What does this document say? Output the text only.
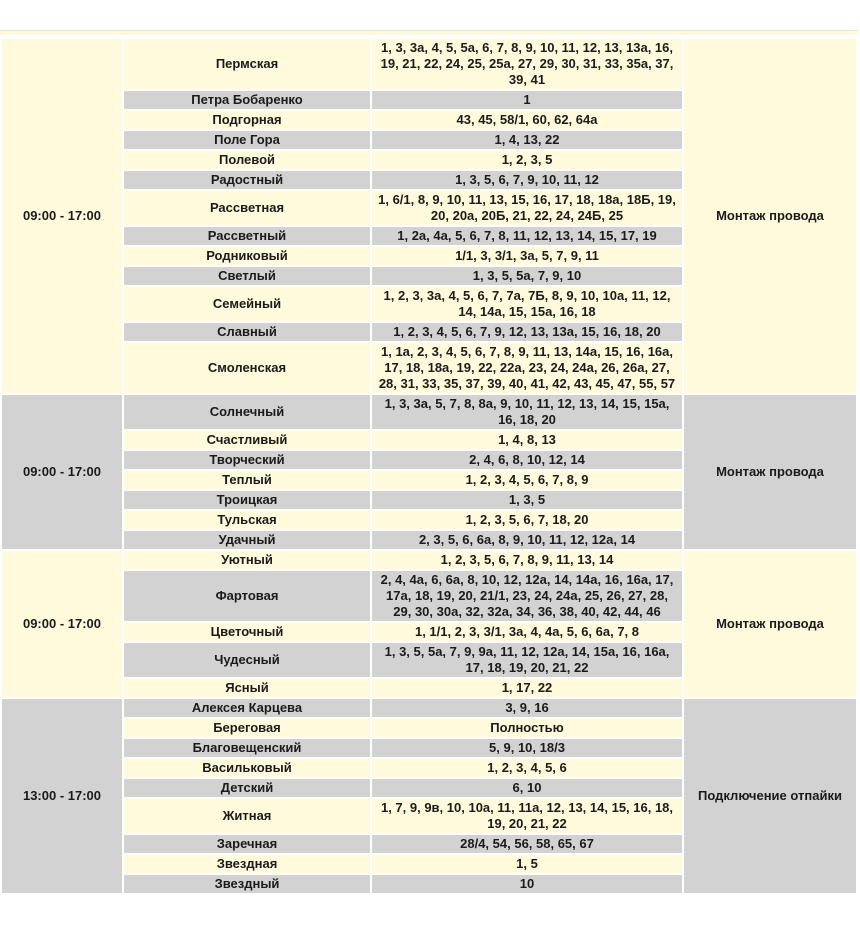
09:00 - 17:00	Пермская	1, 3, 3а, 4, 5, 5а, 6, 7, 8, 9, 10, 11, 12, 13, 13а, 16, 19, 21, 22, 24, 25, 25а, 27, 29, 30, 31, 33, 35а, 37, 39, 41	Монтаж провода
	Петра Бобаренко	1	
	Подгорная	43, 45, 58/1, 60, 62, 64а	
	Поле Гора	1, 4, 13, 22	
	Полевой	1, 2, 3, 5	
	Радостный	1, 3, 5, 6, 7, 9, 10, 11, 12	
	Рассветная	1, 6/1, 8, 9, 10, 11, 13, 15, 16, 17, 18, 18а, 18Б, 19, 20, 20а, 20Б, 21, 22, 24, 24Б, 25	
	Рассветный	1, 2а, 4а, 5, 6, 7, 8, 11, 12, 13, 14, 15, 17, 19	
	Родниковый	1/1, 3, 3/1, 3а, 5, 7, 9, 11	
	Светлый	1, 3, 5, 5а, 7, 9, 10	
	Семейный	1, 2, 3, 3а, 4, 5, 6, 7, 7а, 7Б, 8, 9, 10, 10а, 11, 12, 14, 14а, 15, 15а, 16, 18	
	Славный	1, 2, 3, 4, 5, 6, 7, 9, 12, 13, 13а, 15, 16, 18, 20	
	Смоленская	1, 1а, 2, 3, 4, 5, 6, 7, 8, 9, 11, 13, 14а, 15, 16, 16а, 17, 18, 18а, 19, 22, 22а, 23, 24, 24а, 26, 26а, 27, 28, 31, 33, 35, 37, 39, 40, 41, 42, 43, 45, 47, 55, 57	
09:00 - 17:00	Солнечный	1, 3, 3а, 5, 7, 8, 8а, 9, 10, 11, 12, 13, 14, 15, 15а, 16, 18, 20	Монтаж провода
	Счастливый	1, 4, 8, 13	
	Творческий	2, 4, 6, 8, 10, 12, 14	
	Теплый	1, 2, 3, 4, 5, 6, 7, 8, 9	
	Троицкая	1, 3, 5	
	Тульская	1, 2, 3, 5, 6, 7, 18, 20	
	Удачный	2, 3, 5, 6, 6а, 8, 9, 10, 11, 12, 12а, 14	
09:00 - 17:00	Уютный	1, 2, 3, 5, 6, 7, 8, 9, 11, 13, 14	Монтаж провода
	Фартовая	2, 4, 4а, 6, 6а, 8, 10, 12, 12а, 14, 14а, 16, 16а, 17, 17а, 18, 19, 20, 21/1, 23, 24, 24а, 25, 26, 27, 28, 29, 30, 30а, 32, 32а, 34, 36, 38, 40, 42, 44, 46	
	Цветочный	1, 1/1, 2, 3, 3/1, 3а, 4, 4а, 5, 6, 6а, 7, 8	
	Чудесный	1, 3, 5, 5а, 7, 9, 9а, 11, 12, 12а, 14, 15а, 16, 16а, 17, 18, 19, 20, 21, 22	
	Ясный	1, 17, 22	
13:00 - 17:00	Алексея Карцева	3, 9, 16	Подключение отпайки
	Береговая	Полностью	
	Благовещенский	5, 9, 10, 18/3	
	Васильковый	1, 2, 3, 4, 5, 6	
	Детский	6, 10	
	Житная	1, 7, 9, 9в, 10, 10а, 11, 11а, 12, 13, 14, 15, 16, 18, 19, 20, 21, 22	
	Заречная	28/4, 54, 56, 58, 65, 67	
	Звездная	1, 5	
	Звездный	10	
